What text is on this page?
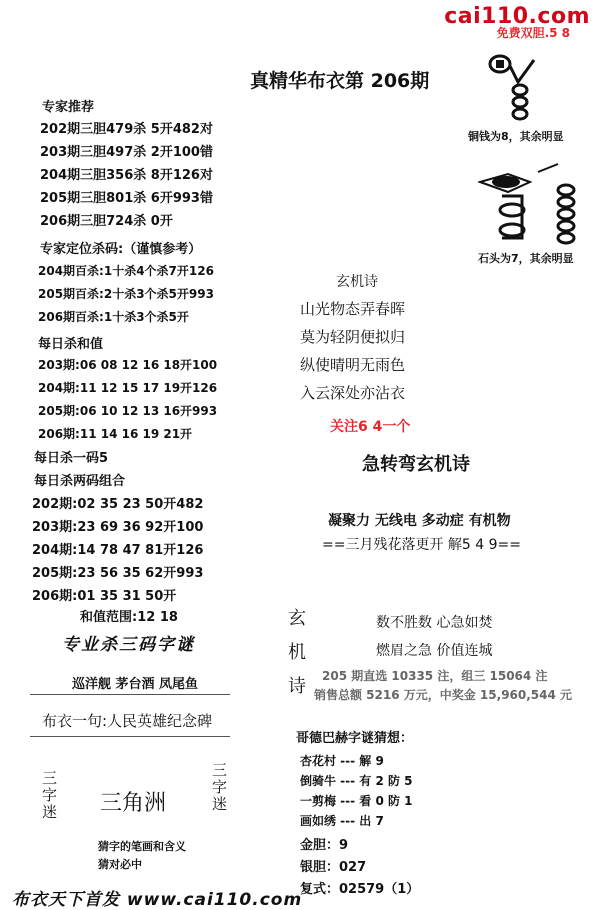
cai110.com
免费双胆.5 8
真精华布衣第 206期
铜钱为8，其余明显
石头为7，其余明显
专家推荐
202期三胆479杀 5开482对
203期三胆497杀 2开100错
204期三胆356杀 8开126对
205期三胆801杀 6开993错
206期三胆724杀 0开
专家定位杀码:（谨慎参考）
204期百杀:1十杀4个杀7开126
205期百杀:2十杀3个杀5开993
206期百杀:1十杀3个杀5开
每日杀和值
203期:06 08 12 16 18开100
204期:11 12 15 17 19开126
205期:06 10 12 13 16开993
206期:11 14 16 19 21开
每日杀一码5
每日杀两码组合
202期:02 35 23 50开482
203期:23 69 36 92开100
204期:14 78 47 81开126
205期:23 56 35 62开993
206期:01 35 31 50开
和值范围:12 18
专业杀三码字谜
巡洋舰 茅台酒 凤尾鱼
布衣一句:人民英雄纪念碑
三字迷 三角洲
三字迷
猜字的笔画和含义
猜对必中
玄机诗
山光物态弄春晖
莫为轻阴便拟归
纵使晴明无雨色
入云深处亦沾衣
关注6 4一个
急转弯玄机诗
凝聚力 无线电 多动症 有机物
==三月残花落更开 解5 4 9==
玄
机
诗
数不胜数 心急如焚
燃眉之急 价值连城
205 期直选 10335 注，组三 15064 注
销售总额 5216 万元，中奖金 15,960,544 元
哥德巴赫字谜猜想：
杏花村 --- 解 9
倒骑牛 --- 有 2 防 5
一剪梅 --- 看 0 防 1
画如绣 --- 出 7
金胆：9
银胆：027
复式：02579（1）
布衣天下首发 www.cai110.com
